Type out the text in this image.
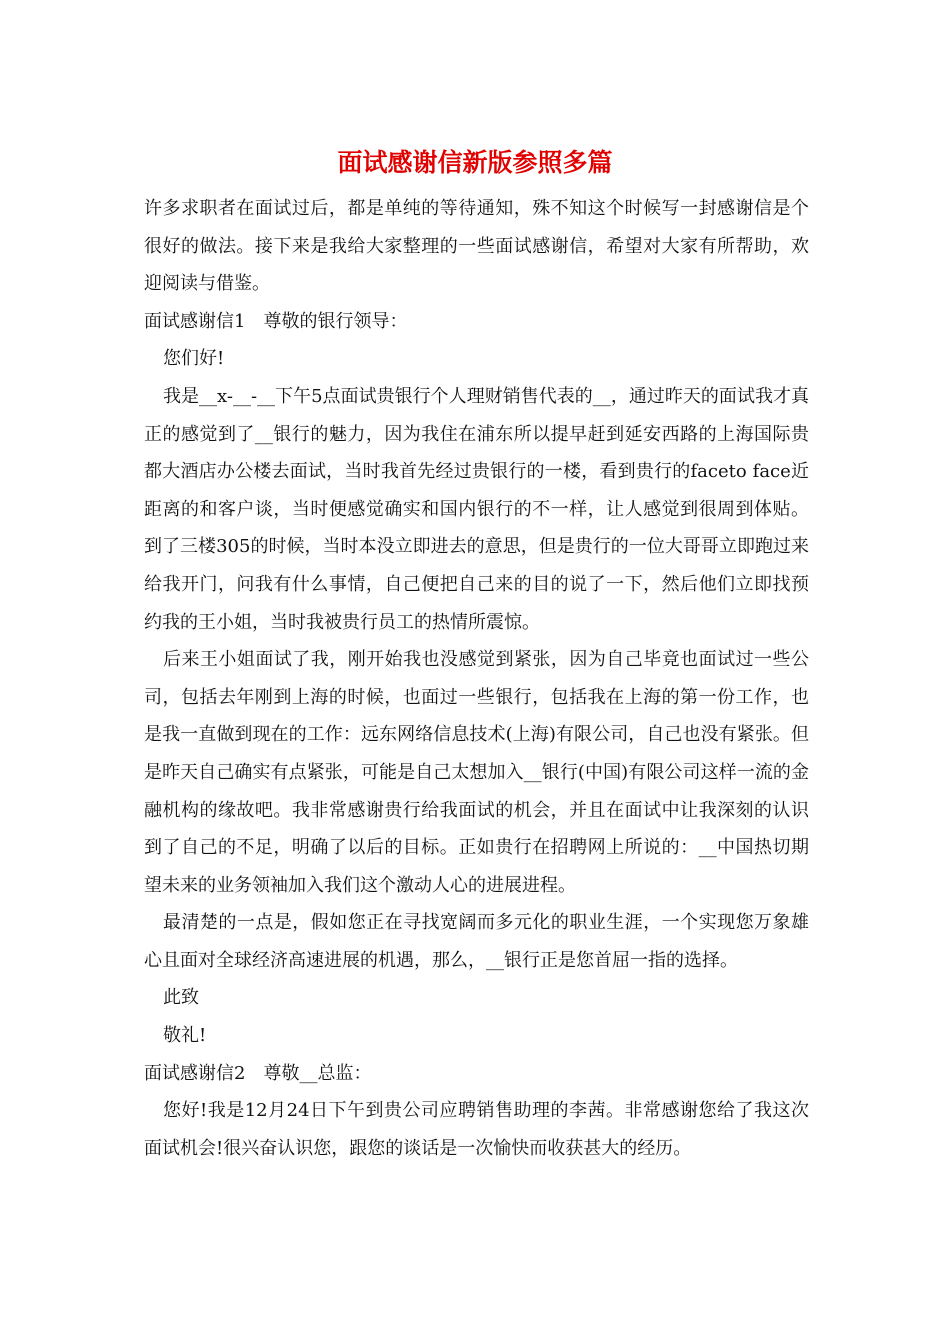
面试感谢信新版参照多篇

许多求职者在面试过后，都是单纯的等待通知，殊不知这个时候写一封感谢信是个很好的做法。接下来是我给大家整理的一些面试感谢信，希望对大家有所帮助，欢迎阅读与借鉴。

面试感谢信1　尊敬的银行领导：

您们好!

我是__x-__-__下午5点面试贵银行个人理财销售代表的__，通过昨天的面试我才真正的感觉到了__银行的魅力，因为我住在浦东所以提早赶到延安西路的上海国际贵都大酒店办公楼去面试，当时我首先经过贵银行的一楼，看到贵行的faceto face近距离的和客户谈，当时便感觉确实和国内银行的不一样，让人感觉到很周到体贴。到了三楼305的时候，当时本没立即进去的意思，但是贵行的一位大哥哥立即跑过来给我开门，问我有什么事情，自己便把自己来的目的说了一下，然后他们立即找预约我的王小姐，当时我被贵行员工的热情所震惊。

后来王小姐面试了我，刚开始我也没感觉到紧张，因为自己毕竟也面试过一些公司，包括去年刚到上海的时候，也面过一些银行，包括我在上海的第一份工作，也是我一直做到现在的工作：远东网络信息技术(上海)有限公司，自己也没有紧张。但是昨天自己确实有点紧张，可能是自己太想加入__银行(中国)有限公司这样一流的金融机构的缘故吧。我非常感谢贵行给我面试的机会，并且在面试中让我深刻的认识到了自己的不足，明确了以后的目标。正如贵行在招聘网上所说的：__中国热切期望未来的业务领袖加入我们这个激动人心的进展进程。

最清楚的一点是，假如您正在寻找宽阔而多元化的职业生涯，一个实现您万象雄心且面对全球经济高速进展的机遇，那么，__银行正是您首屈一指的选择。

此致

敬礼!

面试感谢信2　尊敬__总监：

您好!我是12月24日下午到贵公司应聘销售助理的李茜。非常感谢您给了我这次面试机会!很兴奋认识您，跟您的谈话是一次愉快而收获甚大的经历。
